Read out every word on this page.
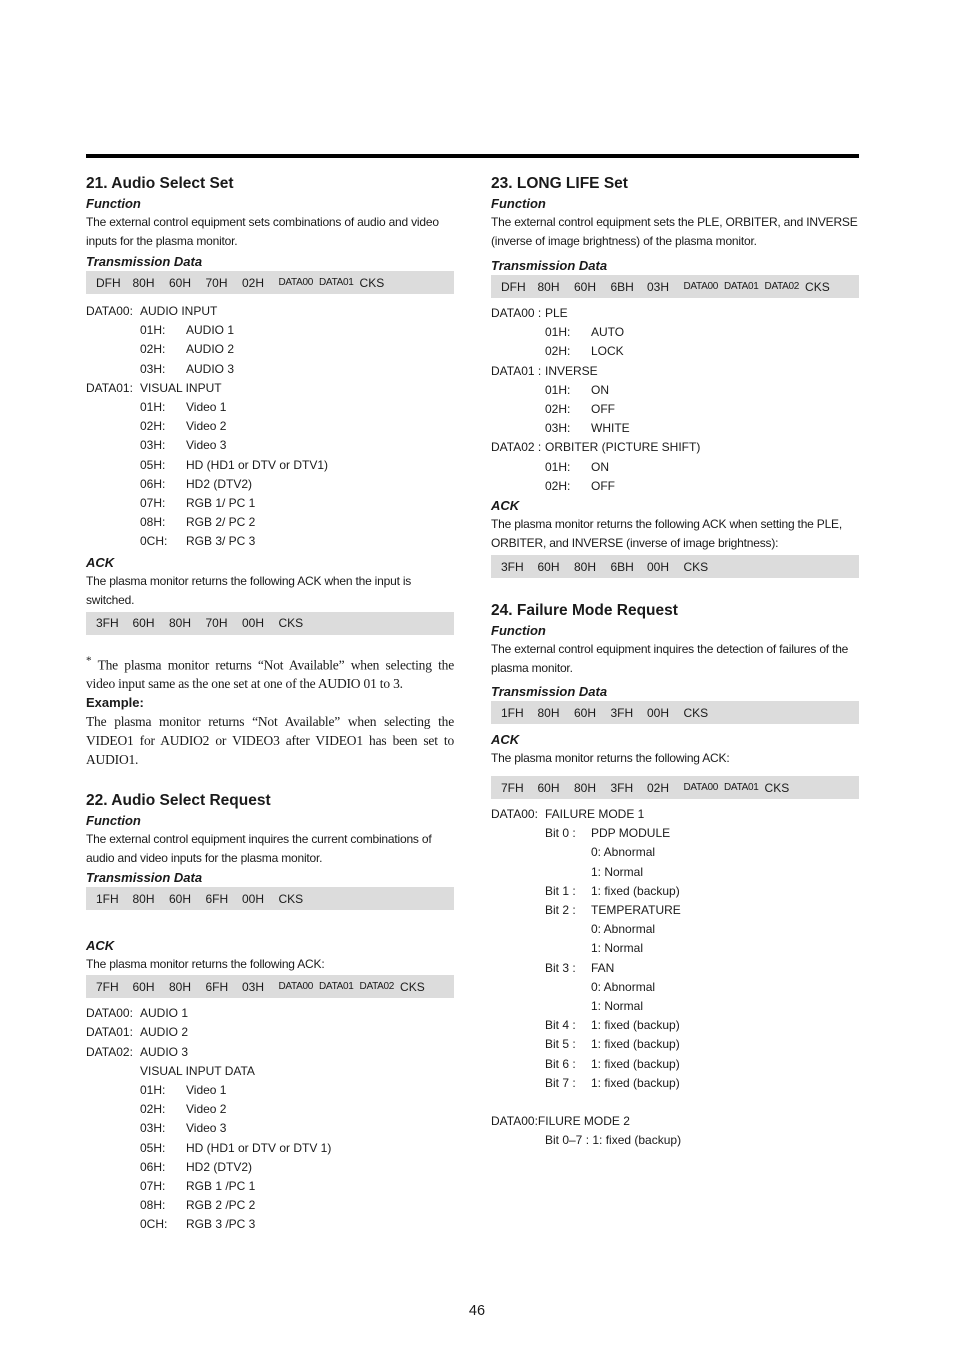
21. Audio Select Set
Function
The external control equipment sets combinations of audio and video inputs for the plasma monitor.
Transmission Data
DFH 80H	60H	70H	02H	DATA00 DATA01 CKS
DATA00: AUDIO INPUT
01H:	AUDIO 1
02H:	AUDIO 2
03H:	AUDIO 3
DATA01: VISUAL INPUT
01H:	Video 1
02H:	Video 2
03H:	Video 3
05H:	HD (HD1 or DTV or DTV1)
06H:	HD2 (DTV2)
07H:	RGB 1/ PC 1
08H:	RGB 2/ PC 2
0CH:	RGB 3/ PC 3
ACK
The plasma monitor returns the following ACK when the input is switched.
3FH	60H	80H	70H	00H	CKS
* The plasma monitor returns “Not Available” when selecting the video input same as the one set at one of the AUDIO 01 to 3.
Example:
The plasma monitor returns “Not Available” when selecting the VIDEO1 for AUDIO2 or VIDEO3 after VIDEO1 has been set to AUDIO1.
22. Audio Select Request
Function
The external control equipment inquires the current combinations of audio and video inputs for the plasma monitor.
Transmission Data
1FH	80H	60H	6FH	00H	CKS
ACK
The plasma monitor returns the following ACK:
7FH	60H	80H	6FH	03H	DATA00 DATA01 DATA02 CKS
DATA00: AUDIO 1
DATA01: AUDIO 2
DATA02: AUDIO 3
VISUAL INPUT DATA
01H:	Video 1
02H:	Video 2
03H:	Video 3
05H:	HD (HD1 or DTV or DTV 1)
06H:	HD2 (DTV2)
07H:	RGB 1 /PC 1
08H:	RGB 2 /PC 2
0CH:	RGB 3 /PC 3
23. LONG LIFE Set
Function
The external control equipment sets the PLE, ORBITER, and INVERSE (inverse of image brightness) of the plasma monitor.
Transmission Data
DFH 80H	60H	6BH	03H	DATA00 DATA01 DATA02 CKS
DATA00 : PLE
01H:	AUTO
02H:	LOCK
DATA01 : INVERSE
01H:	ON
02H:	OFF
03H:	WHITE
DATA02 : ORBITER (PICTURE SHIFT)
01H:	ON
02H:	OFF
ACK
The plasma monitor returns the following ACK when setting the PLE, ORBITER, and INVERSE (inverse of image brightness):
3FH	60H	80H	6BH	00H	CKS
24. Failure Mode Request
Function
The external control equipment inquires the detection of failures of the plasma monitor.
Transmission Data
1FH	80H	60H	3FH	00H	CKS
ACK
The plasma monitor returns the following ACK:
7FH	60H	80H	3FH	02H	DATA00 DATA01 CKS
DATA00: FAILURE MODE 1
Bit 0 :	PDP MODULE
0: Abnormal
1: Normal
Bit 1 :	1: fixed (backup)
Bit 2 :	TEMPERATURE
0: Abnormal
1: Normal
Bit 3 :	FAN
0: Abnormal
1: Normal
Bit 4 :	1: fixed (backup)
Bit 5 :	1: fixed (backup)
Bit 6 :	1: fixed (backup)
Bit 7 :	1: fixed (backup)
DATA00:FILURE MODE 2
Bit 0–7 : 1: fixed (backup)
46
